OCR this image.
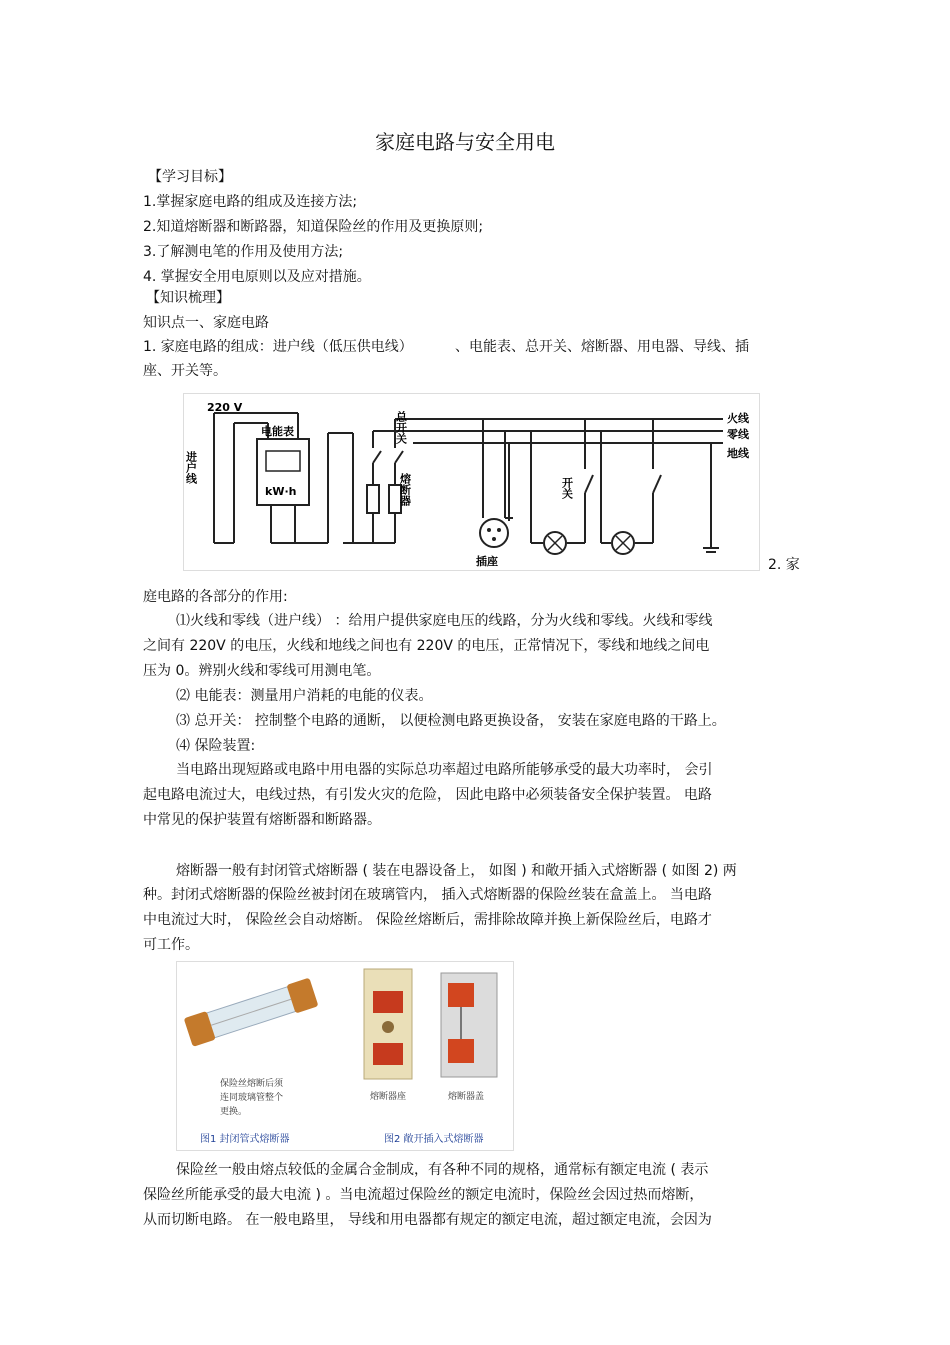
家庭电路与安全用电
【学习目标】
1.掌握家庭电路的组成及连接方法;
2.知道熔断器和断路器，知道保险丝的作用及更换原则;
3.了解测电笔的作用及使用方法;
4. 掌握安全用电原则以及应对措施。
【知识梳理】
知识点一、家庭电路
1. 家庭电路的组成：进户线（低压供电线）	、电能表、总开关、熔断器、用电器、导线、插
座、开关等。
220 V
电能表
kW·h
总开关
熔断器
进户线
插座
开关
火线
零线
地线
2. 家
庭电路的各部分的作用:
⑴火线和零线（进户线） ：给用户提供家庭电压的线路，分为火线和零线。火线和零线
之间有 220V 的电压，火线和地线之间也有 220V 的电压，正常情况下，零线和地线之间电
压为 0。辨别火线和零线可用测电笔。
⑵ 电能表：测量用户消耗的电能的仪表。
⑶ 总开关： 控制整个电路的通断， 以便检测电路更换设备， 安装在家庭电路的干路上。
⑷ 保险装置:
当电路出现短路或电路中用电器的实际总功率超过电路所能够承受的最大功率时， 会引
起电路电流过大，电线过热，有引发火灾的危险， 因此电路中必须装备安全保护装置。 电路
中常见的保护装置有熔断器和断路器。
熔断器一般有封闭管式熔断器 ( 装在电器设备上， 如图 ) 和敞开插入式熔断器 ( 如图 2) 两
种。封闭式熔断器的保险丝被封闭在玻璃管内， 插入式熔断器的保险丝装在盒盖上。 当电路
中电流过大时， 保险丝会自动熔断。 保险丝熔断后，需排除故障并换上新保险丝后，电路才
可工作。
保险丝熔断后须
连同玻璃管整个
更换。
熔断器座	熔断器盖
图1 封闭管式熔断器	图2 敞开插入式熔断器
保险丝一般由熔点较低的金属合金制成，有各种不同的规格，通常标有额定电流 ( 表示
保险丝所能承受的最大电流 ) 。当电流超过保险丝的额定电流时，保险丝会因过热而熔断，
从而切断电路。 在一般电路里， 导线和用电器都有规定的额定电流，超过额定电流，会因为
